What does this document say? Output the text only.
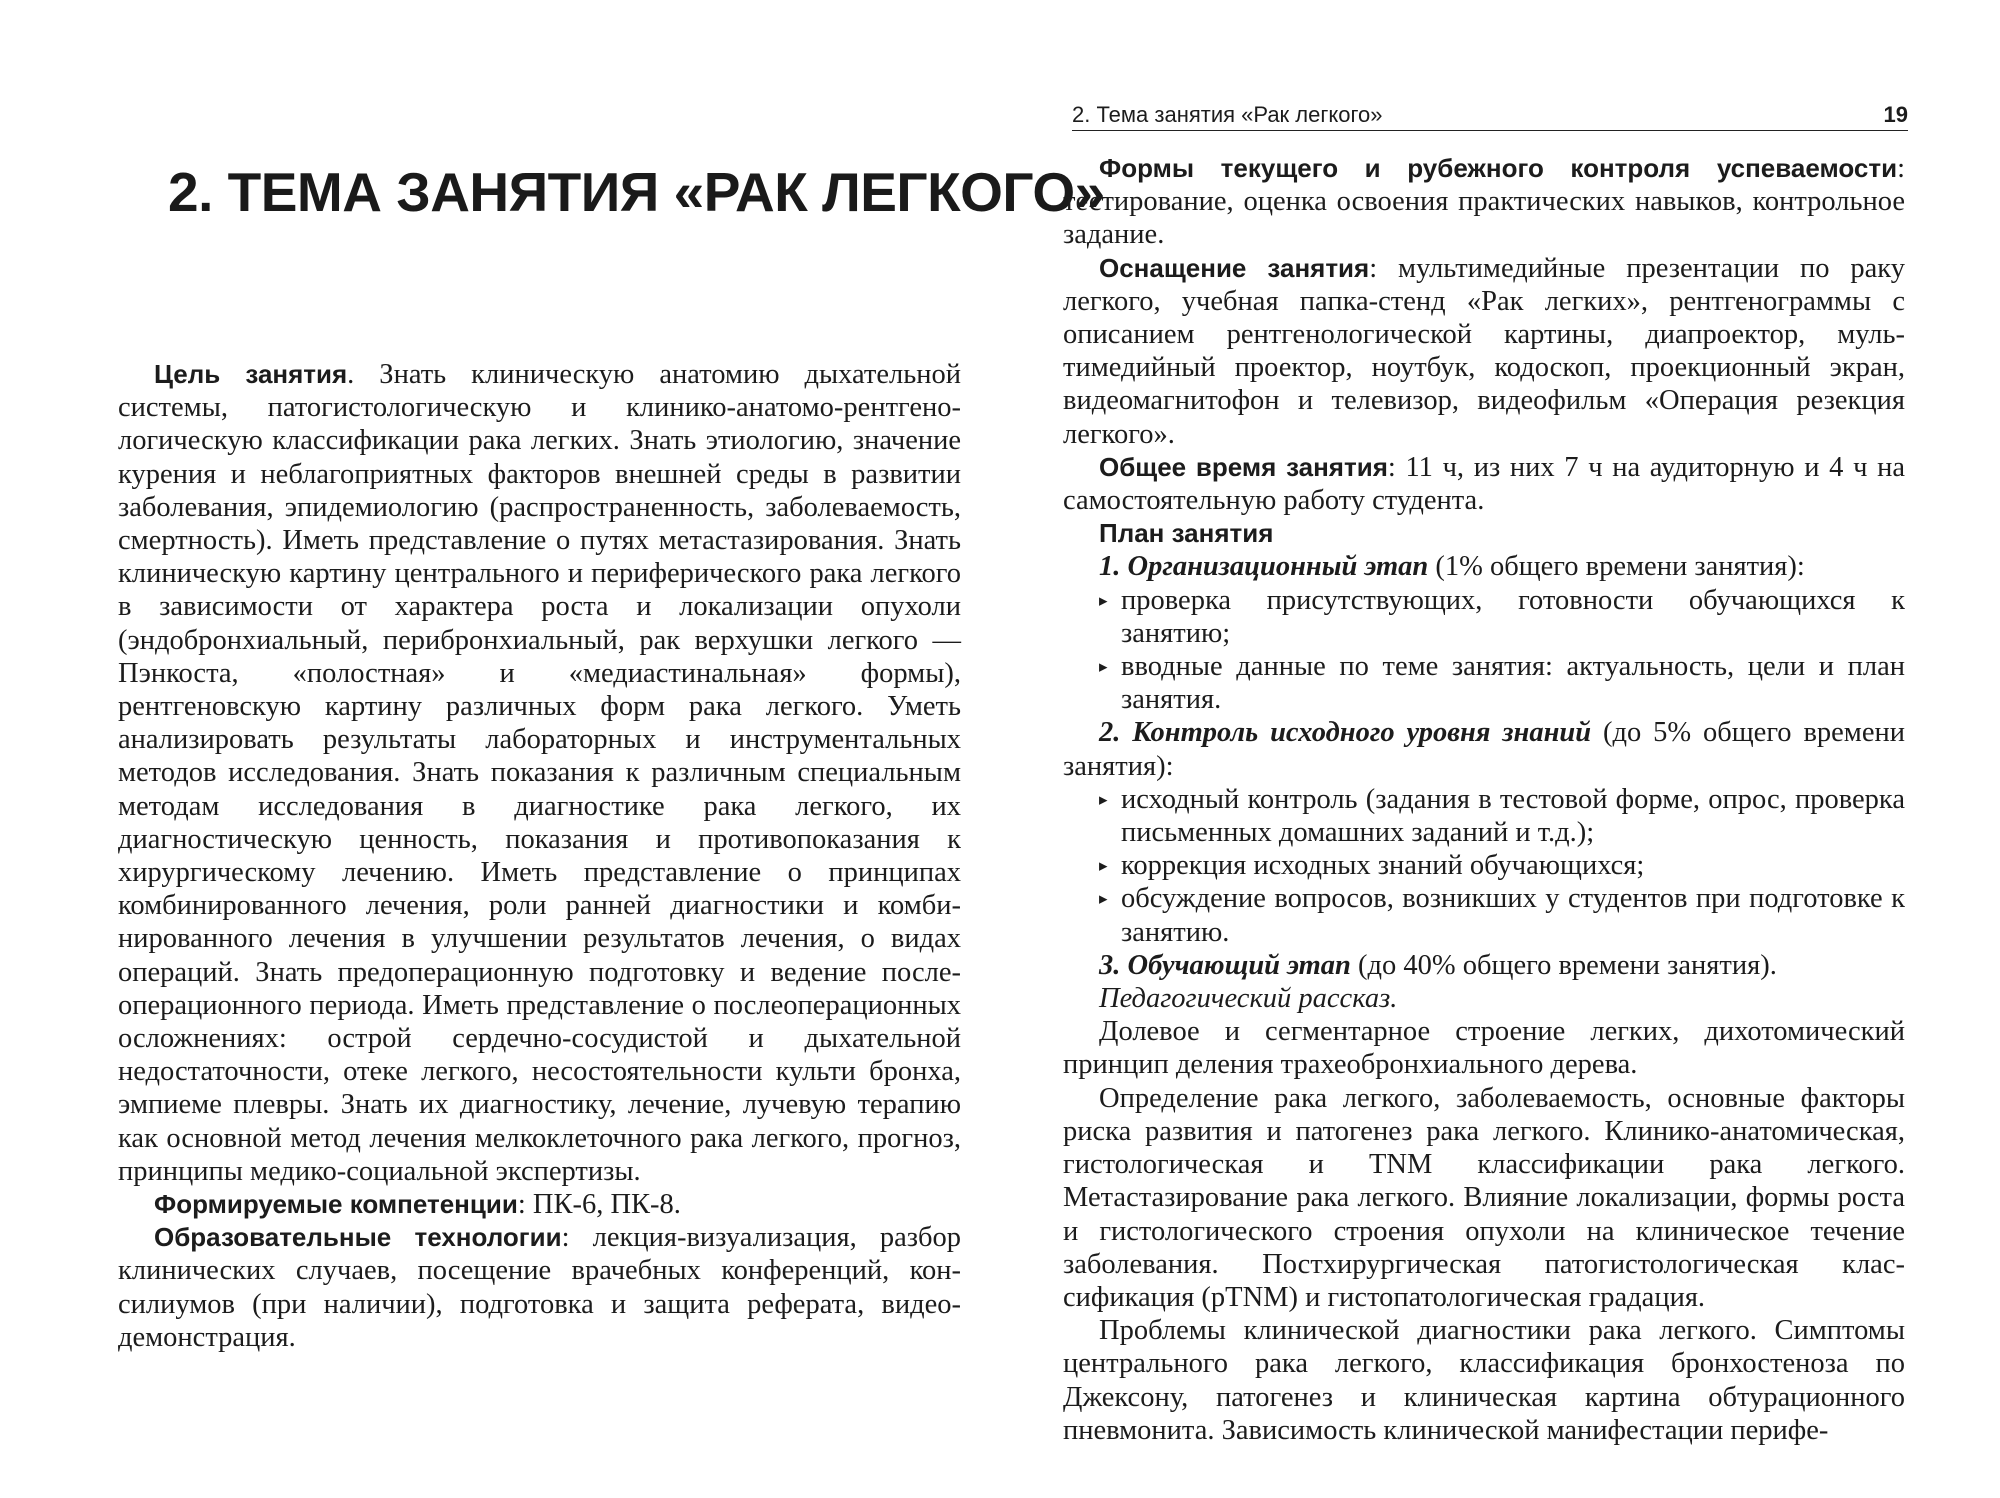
2. ТЕМА ЗАНЯТИЯ «РАК ЛЕГКОГО»

Цель занятия. Знать клиническую анатомию дыхательной системы, патогистологическую и клинико-анатомо-рентгенологическую классификации рака легких. Знать этиологию, значение курения и неблагоприятных факторов внешней среды в развитии заболевания, эпидемиологию (распространенность, заболеваемость, смертность). Иметь представление о путях метастазирования. Знать клиническую картину центрального и периферического рака легкого в зависимости от характера роста и локализации опухоли (эндобронхиальный, перибронхиальный, рак верхушки легкого — Пэнкоста, «полостная» и «медиастинальная» формы), рентгеновскую картину различных форм рака легкого. Уметь анализировать результаты лабораторных и инструментальных методов исследования. Знать показания к различным специальным методам исследования в диагностике рака легкого, их диагностическую ценность, показания и противопоказания к хирургическому лечению. Иметь представление о принципах комбинированного лечения, роли ранней диагностики и комбинированного лечения в улучшении результатов лечения, о видах операций. Знать предоперационную подготовку и ведение послеоперационного периода. Иметь представление о послеоперационных осложнениях: острой сердечно-сосудистой и дыхательной недостаточности, отеке легкого, несостоятельности культи бронха, эмпиеме плевры. Знать их диагностику, лечение, лучевую терапию как основной метод лечения мелкоклеточного рака легкого, прогноз, принципы медико-социальной экспертизы.

Формируемые компетенции: ПК-6, ПК-8.

Образовательные технологии: лекция-визуализация, разбор клинических случаев, посещение врачебных конференций, консилиумов (при наличии), подготовка и защита реферата, видеодемонстрация.

2. Тема занятия «Рак легкого»	19

Формы текущего и рубежного контроля успеваемости: тестирование, оценка освоения практических навыков, контрольное задание.

Оснащение занятия: мультимедийные презентации по раку легкого, учебная папка-стенд «Рак легких», рентгенограммы с описанием рентгенологической картины, диапроектор, мультимедийный проектор, ноутбук, кодоскоп, проекционный экран, видеомагнитофон и телевизор, видеофильм «Операция резекция легкого».

Общее время занятия: 11 ч, из них 7 ч на аудиторную и 4 ч на самостоятельную работу студента.

План занятия

1. Организационный этап (1% общего времени занятия):

▸ проверка присутствующих, готовности обучающихся к занятию;
▸ вводные данные по теме занятия: актуальность, цели и план занятия.

2. Контроль исходного уровня знаний (до 5% общего времени занятия):

▸ исходный контроль (задания в тестовой форме, опрос, проверка письменных домашних заданий и т.д.);
▸ коррекция исходных знаний обучающихся;
▸ обсуждение вопросов, возникших у студентов при подготовке к занятию.

3. Обучающий этап (до 40% общего времени занятия).

Педагогический рассказ.

Долевое и сегментарное строение легких, дихотомический принцип деления трахеобронхиального дерева.

Определение рака легкого, заболеваемость, основные факторы риска развития и патогенез рака легкого. Клинико-анатомическая, гистологическая и TNM классификации рака легкого. Метастазирование рака легкого. Влияние локализации, формы роста и гистологического строения опухоли на клиническое течение заболевания. Постхирургическая патогистологическая классификация (pTNM) и гистопатологическая градация.

Проблемы клинической диагностики рака легкого. Симптомы центрального рака легкого, классификация бронхостеноза по Джексону, патогенез и клиническая картина обтурационного пневмонита. Зависимость клинической манифестации перифе-
